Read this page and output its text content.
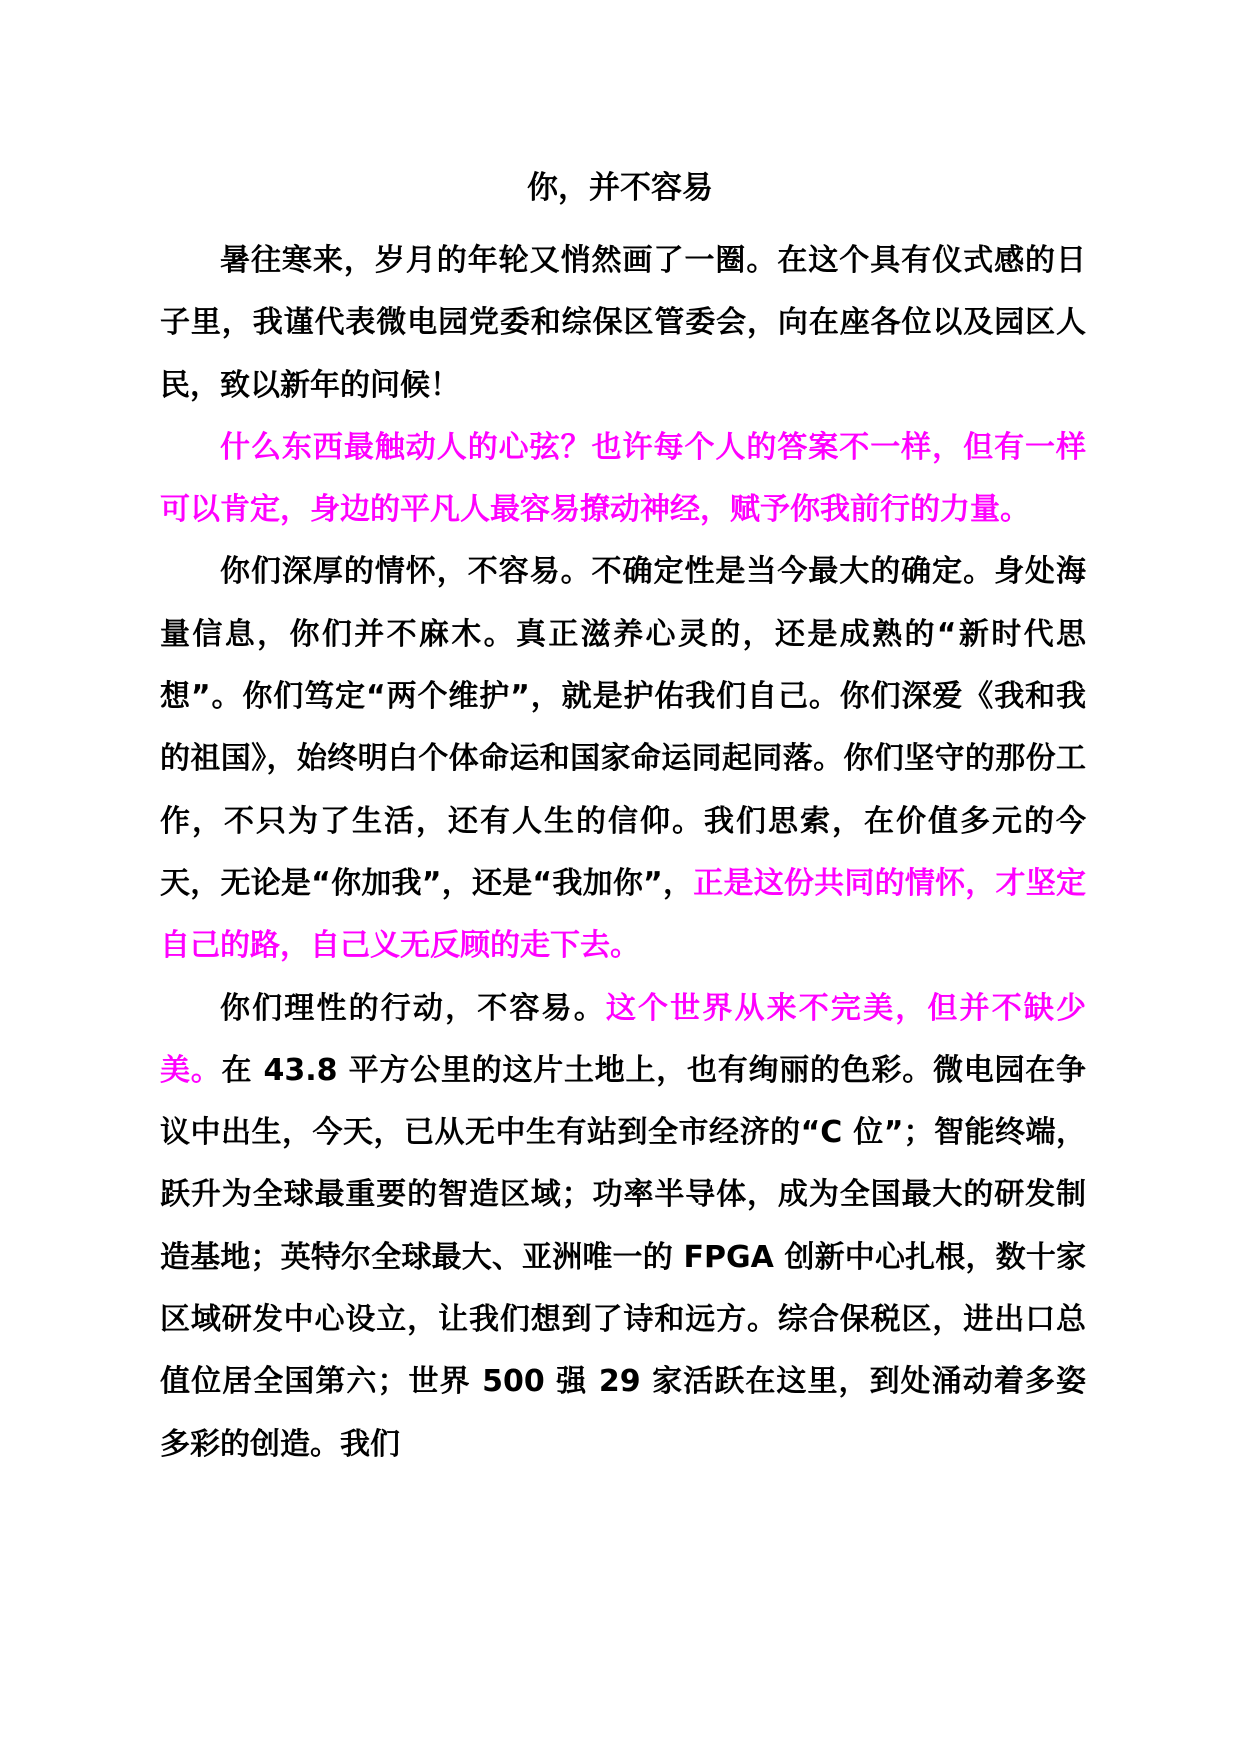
你，并不容易

暑往寒来，岁月的年轮又悄然画了一圈。在这个具有仪式感的日子里，我谨代表微电园党委和综保区管委会，向在座各位以及园区人民，致以新年的问候！

什么东西最触动人的心弦？也许每个人的答案不一样，但有一样可以肯定，身边的平凡人最容易撩动神经，赋予你我前行的力量。

你们深厚的情怀，不容易。不确定性是当今最大的确定。身处海量信息，你们并不麻木。真正滋养心灵的，还是成熟的“新时代思想”。你们笃定“两个维护”，就是护佑我们自己。你们深爱《我和我的祖国》，始终明白个体命运和国家命运同起同落。你们坚守的那份工作，不只为了生活，还有人生的信仰。我们思索，在价值多元的今天，无论是“你加我”，还是“我加你”，正是这份共同的情怀，才坚定自己的路，自己义无反顾的走下去。

你们理性的行动，不容易。这个世界从来不完美，但并不缺少美。在 43.8 平方公里的这片土地上，也有绚丽的色彩。微电园在争议中出生，今天，已从无中生有站到全市经济的“C 位”；智能终端，跃升为全球最重要的智造区域；功率半导体，成为全国最大的研发制造基地；英特尔全球最大、亚洲唯一的 FPGA 创新中心扎根，数十家区域研发中心设立，让我们想到了诗和远方。综合保税区，进出口总值位居全国第六；世界 500 强 29 家活跃在这里，到处涌动着多姿多彩的创造。我们
